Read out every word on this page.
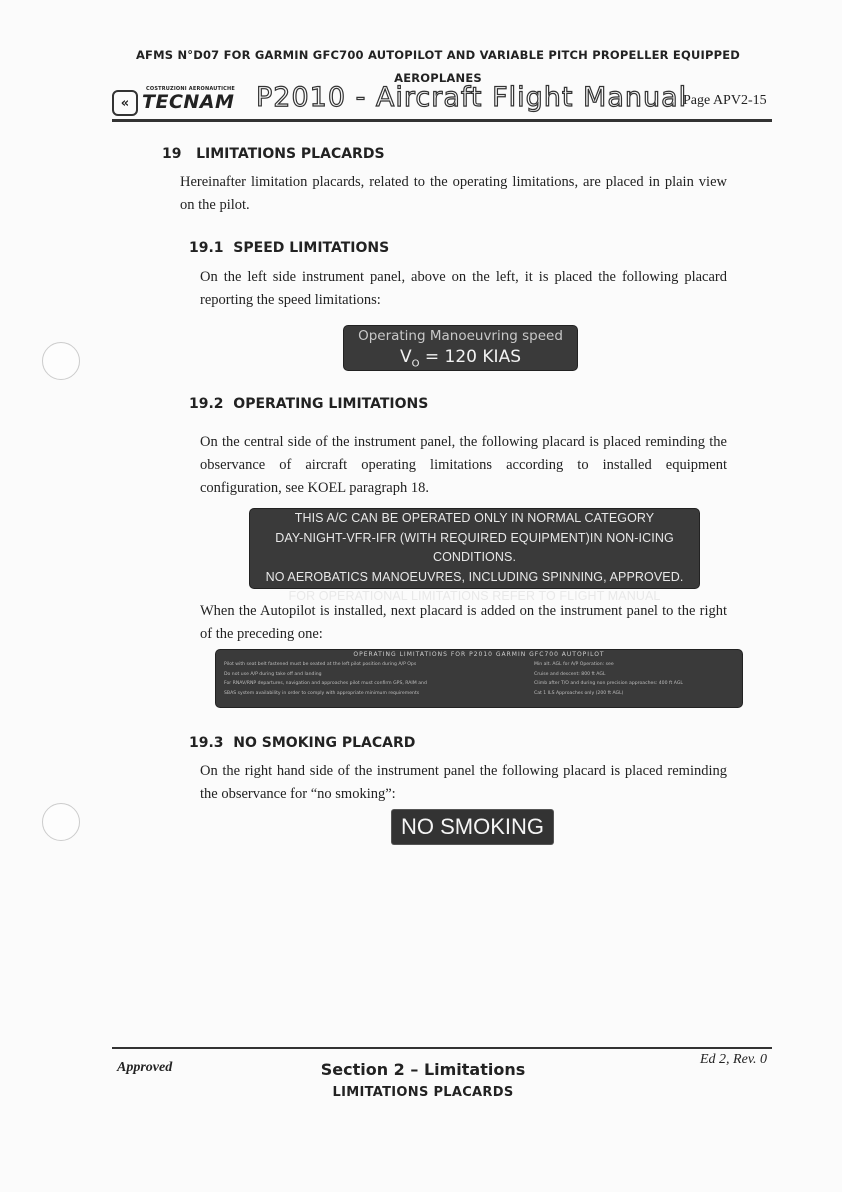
AFMS N°D07 FOR GARMIN GFC700 AUTOPILOT AND VARIABLE PITCH PROPELLER EQUIPPED
AEROPLANES
«
COSTRUZIONI AERONAUTICHE
TECNAM P2010 - Aircraft Flight Manual
Page APV2-15
19 LIMITATIONS PLACARDS
Hereinafter limitation placards, related to the operating limitations, are placed in plain view on the pilot.
19.1 SPEED LIMITATIONS
On the left side instrument panel, above on the left, it is placed the following placard reporting the speed limitations:
Operating Manoeuvring speed
$V_O = 120$ KIAS
19.2 OPERATING LIMITATIONS
On the central side of the instrument panel, the following placard is placed reminding the observance of aircraft operating limitations according to installed equipment configuration, see KOEL paragraph 18.
THIS A/C CAN BE OPERATED ONLY IN NORMAL CATEGORY
DAY-NIGHT-VFR-IFR (WITH REQUIRED EQUIPMENT)IN NON-ICING CONDITIONS.
NO AEROBATICS MANOEUVRES, INCLUDING SPINNING, APPROVED.
FOR OPERATIONAL LIMITATIONS REFER TO FLIGHT MANUAL
When the Autopilot is installed, next placard is added on the instrument panel to the right of the preceding one:
OPERATING LIMITATIONS FOR P2010 GARMIN GFC700 AUTOPILOT
Pilot with seat belt fastened must be seated at the left pilot position during A/P Ops	Min alt. AGL for A/P Operation: see
Do not use A/P during take off and landing	Cruise and descent: 800 ft AGL
For RNAV/RNP departures, navigation and approaches pilot must confirm GPS, RAIM and	Climb after T/O and during non precision approaches: 400 ft AGL
SBAS system availability in order to comply with appropriate minimum requirements	Cat 1 ILS Approaches only (200 ft AGL)
19.3 NO SMOKING PLACARD
On the right hand side of the instrument panel the following placard is placed reminding the observance for “no smoking”:
NO SMOKING
Approved	Section 2 – Limitations
LIMITATIONS PLACARDS
Ed 2, Rev. 0
